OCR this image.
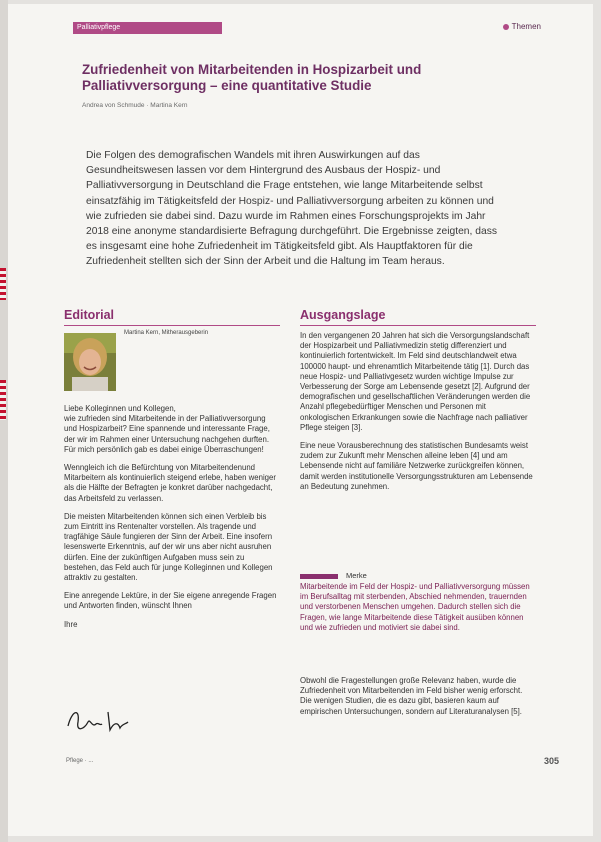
Palliativpflege	Themen
Zufriedenheit von Mitarbeitenden in Hospizarbeit und Palliativversorgung – eine quantitative Studie
Andrea von Schmude · Martina Kern

Die Folgen des demografischen Wandels mit ihren Auswirkungen auf das Gesundheitswesen lassen vor dem Hintergrund des Ausbaus der Hospiz- und Palliativversorgung in Deutschland die Frage entstehen, wie lange Mitarbeitende selbst einsatzfähig im Tätigkeitsfeld der Hospiz- und Palliativversorgung arbeiten zu können und wie zufrieden sie dabei sind. Dazu wurde im Rahmen eines Forschungsprojekts im Jahr 2018 eine anonyme standardisierte Befragung durchgeführt. Die Ergebnisse zeigten, dass es insgesamt eine hohe Zufriedenheit im Tätigkeitsfeld gibt. Als Hauptfaktoren für die Zufriedenheit stellten sich der Sinn der Arbeit und die Haltung im Team heraus.

Editorial
Martina Kern, Mitherausgeberin

Liebe Kolleginnen und Kollegen,
wie zufrieden sind Mitarbeitende in der Palliativversorgung und Hospizarbeit? Eine spannende und interessante Frage, der wir im Rahmen einer Untersuchung nachgehen durften. Für mich persönlich gab es dabei einige Überraschungen!

Wenngleich ich die Befürchtung von Mitarbeitendenund Mitarbeitern als kontinuierlich steigend erlebe, haben weniger als die Hälfte der Befragten je konkret darüber nachgedacht, das Arbeitsfeld zu verlassen.

Die meisten Mitarbeitenden können sich einen Verbleib bis zum Eintritt ins Rentenalter vorstellen. Als tragende und tragfähige Säule fungieren der Sinn der Arbeit. Eine insofern lesenswerte Erkenntnis, auf der wir uns aber nicht ausruhen dürfen. Eine der zukünftigen Aufgaben muss sein zu bestehen, das Feld auch für junge Kolleginnen und Kollegen attraktiv zu gestalten.

Eine anregende Lektüre, in der Sie eigene anregende Fragen und Antworten finden, wünscht Ihnen

Ihre

Ausgangslage

In den vergangenen 20 Jahren hat sich die Versorgungslandschaft der Hospizarbeit und Palliativmedizin stetig differenziert und kontinuierlich fortentwickelt. Im Feld sind deutschlandweit etwa 100000 haupt- und ehrenamtlich Mitarbeitende tätig [1]. Durch das neue Hospiz- und Palliativgesetz wurden wichtige Impulse zur Verbesserung der Sorge am Lebensende gesetzt [2]. Aufgrund der demografischen und gesellschaftlichen Veränderungen werden die Anzahl pflegebedürftiger Menschen und Personen mit onkologischen Erkrankungen sowie die Nachfrage nach palliativer Pflege steigen [3].

Eine neue Vorausberechnung des statistischen Bundesamts weist zudem zur Zukunft mehr Menschen alleine leben [4] und am Lebensende nicht auf familiäre Netzwerke zurückgreifen können, damit werden institutionelle Versorgungsstrukturen am Lebensende an Bedeutung zunehmen.

Merke

Mitarbeitende im Feld der Hospiz- und Palliativversorgung müssen im Berufsalltag mit sterbenden, Abschied nehmenden, trauernden und verstorbenen Menschen umgehen. Dadurch stellen sich die Fragen, wie lange Mitarbeitende diese Tätigkeit ausüben können und wie zufrieden und motiviert sie dabei sind.

Obwohl die Fragestellungen große Relevanz haben, wurde die Zufriedenheit von Mitarbeitenden im Feld bisher wenig erforscht. Die wenigen Studien, die es dazu gibt, basieren kaum auf empirischen Untersuchungen, sondern auf Literaturanalysen [5].

Pflege · ...	305
